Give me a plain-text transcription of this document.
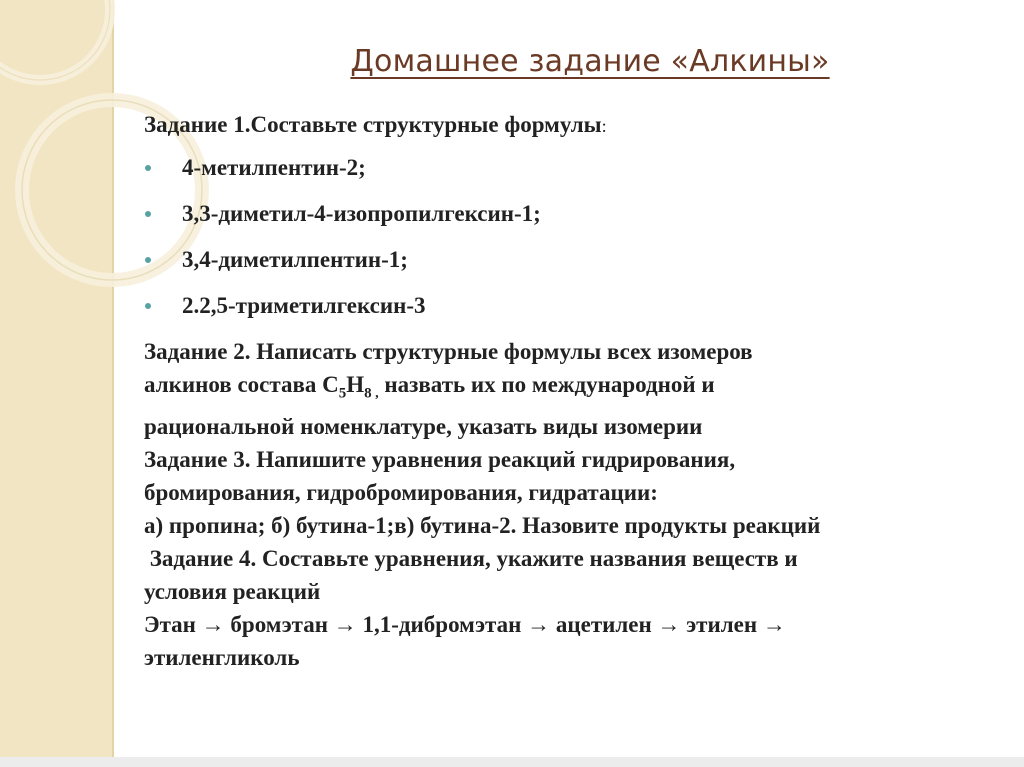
Домашнее задание «Алкины»
Задание 1.Составьте структурные формулы:
4-метилпентин-2;
3,3-диметил-4-изопропилгексин-1;
3,4-диметилпентин-1;
2.2,5-триметилгексин-3
Задание 2. Написать структурные формулы всех изомеров
алкинов состава $C_5H_8$ $_,$ назвать их по международной и
рациональной номенклатуре, указать виды изомерии
Задание 3. Напишите уравнения реакций гидрирования,
бромирования, гидробромирования, гидратации:
а) пропина; б) бутина-1;в) бутина-2. Назовите продукты реакций
Задание 4. Составьте уравнения, укажите названия веществ и
условия реакций
Этан → бромэтан → 1,1-дибромэтан → ацетилен → этилен →
этиленгликоль
